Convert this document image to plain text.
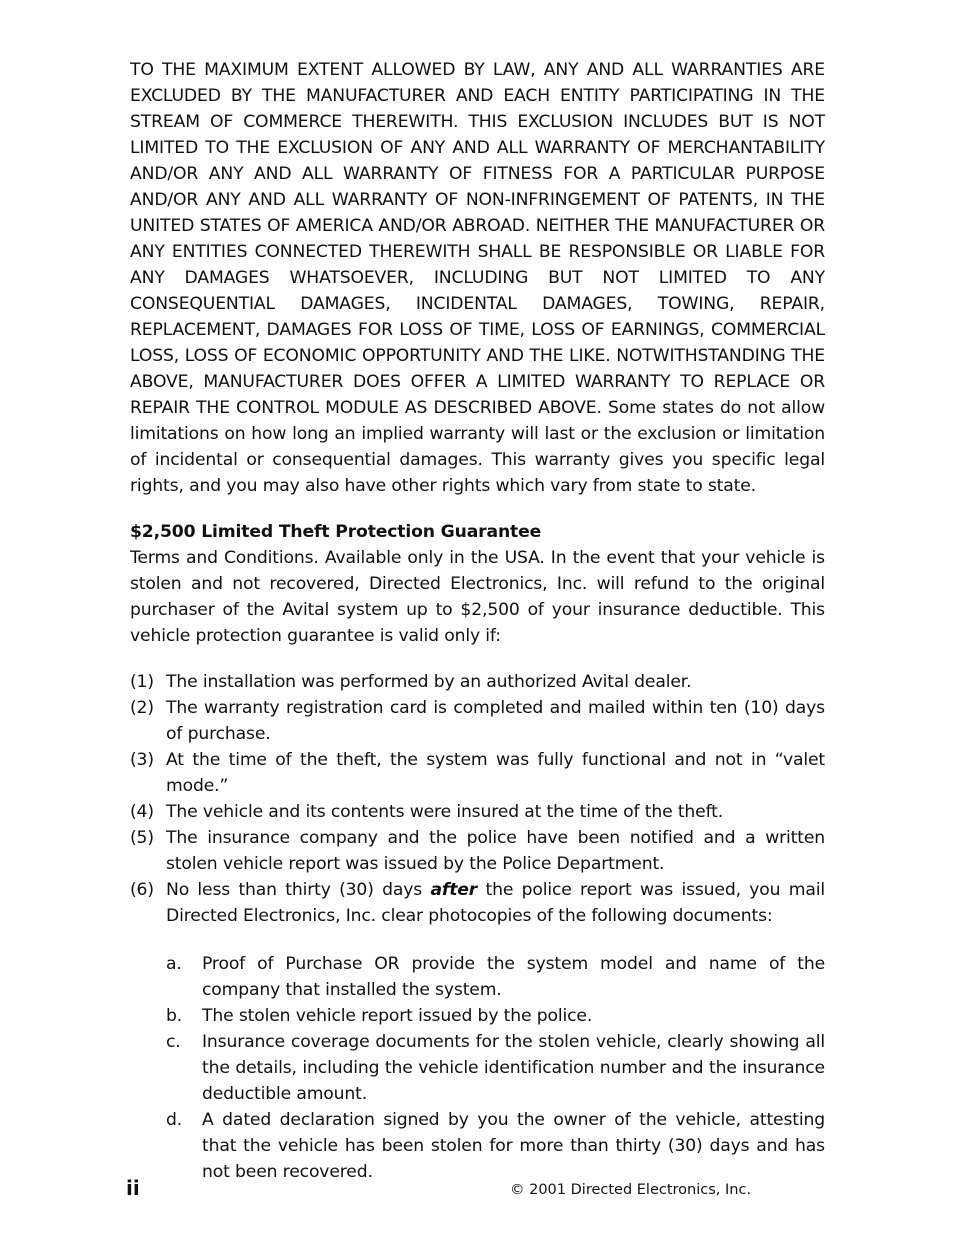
TO THE MAXIMUM EXTENT ALLOWED BY LAW, ANY AND ALL WARRANTIES ARE EXCLUDED BY THE MANUFACTURER AND EACH ENTITY PARTICIPATING IN THE STREAM OF COMMERCE THEREWITH. THIS EXCLUSION INCLUDES BUT IS NOT LIMITED TO THE EXCLUSION OF ANY AND ALL WARRANTY OF MERCHANTABILITY AND/OR ANY AND ALL WARRANTY OF FITNESS FOR A PARTICULAR PURPOSE AND/OR ANY AND ALL WARRANTY OF NON-INFRINGEMENT OF PATENTS, IN THE UNITED STATES OF AMERICA AND/OR ABROAD. NEITHER THE MANUFACTURER OR ANY ENTITIES CONNECTED THEREWITH SHALL BE RESPONSIBLE OR LIABLE FOR ANY DAMAGES WHATSOEVER, INCLUDING BUT NOT LIMITED TO ANY CONSEQUENTIAL DAMAGES, INCIDENTAL DAMAGES, TOWING, REPAIR, REPLACEMENT, DAMAGES FOR LOSS OF TIME, LOSS OF EARNINGS, COMMERCIAL LOSS, LOSS OF ECONOMIC OPPORTUNITY AND THE LIKE. NOTWITHSTANDING THE ABOVE, MANUFACTURER DOES OFFER A LIMITED WARRANTY TO REPLACE OR REPAIR THE CONTROL MODULE AS DESCRIBED ABOVE. Some states do not allow limitations on how long an implied warranty will last or the exclusion or limitation of incidental or consequential damages. This warranty gives you specific legal rights, and you may also have other rights which vary from state to state.

$2,500 Limited Theft Protection Guarantee

Terms and Conditions. Available only in the USA. In the event that your vehicle is stolen and not recovered, Directed Electronics, Inc. will refund to the original purchaser of the Avital system up to $2,500 of your insurance deductible. This vehicle protection guarantee is valid only if:

(1) The installation was performed by an authorized Avital dealer.
(2) The warranty registration card is completed and mailed within ten (10) days of purchase.
(3) At the time of the theft, the system was fully functional and not in “valet mode.”
(4) The vehicle and its contents were insured at the time of the theft.
(5) The insurance company and the police have been notified and a written stolen vehicle report was issued by the Police Department.
(6) No less than thirty (30) days after the police report was issued, you mail Directed Electronics, Inc. clear photocopies of the following documents:
a. Proof of Purchase OR provide the system model and name of the company that installed the system.
b. The stolen vehicle report issued by the police.
c. Insurance coverage documents for the stolen vehicle, clearly showing all the details, including the vehicle identification number and the insurance deductible amount.
d. A dated declaration signed by you the owner of the vehicle, attesting that the vehicle has been stolen for more than thirty (30) days and has not been recovered.
ii	© 2001 Directed Electronics, Inc.
